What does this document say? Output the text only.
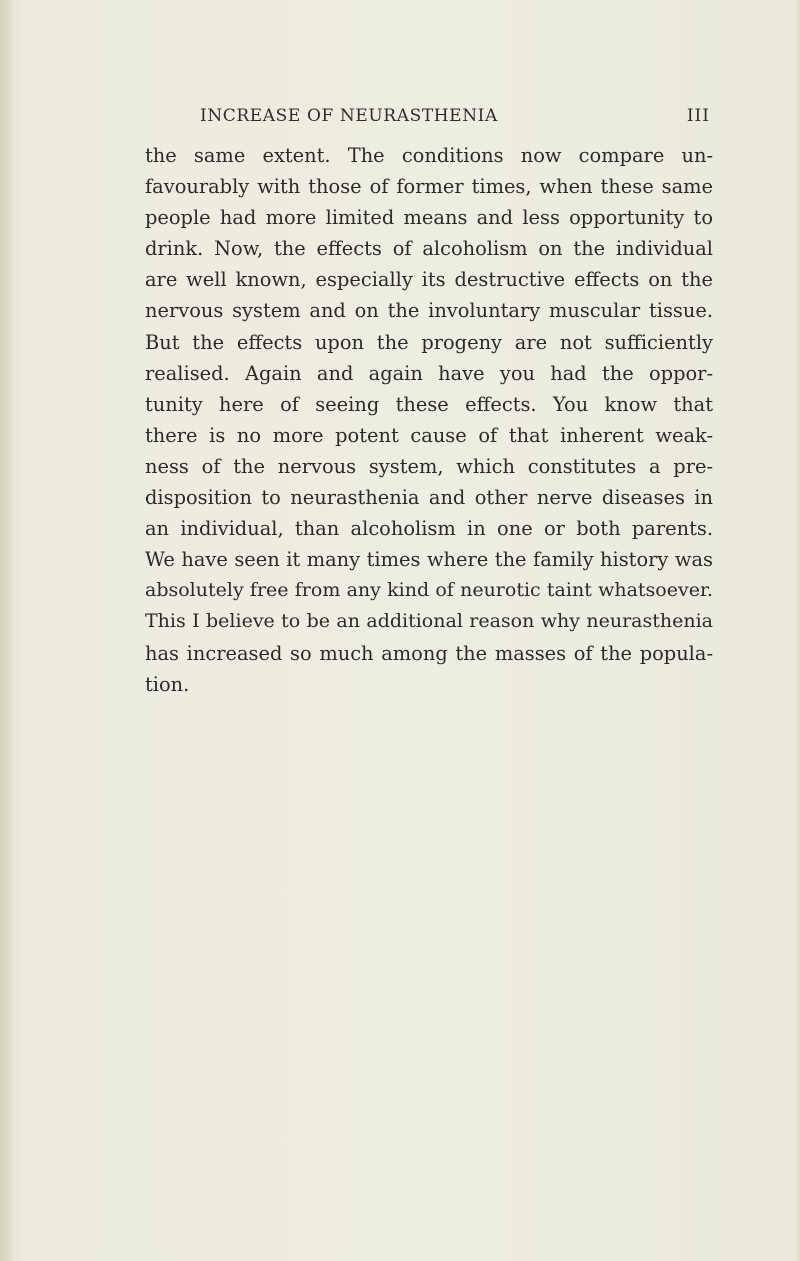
INCREASE OF NEURASTHENIA	III
the same extent. The conditions now compare un-
favourably with those of former times, when these same
people had more limited means and less opportunity to
drink. Now, the effects of alcoholism on the individual
are well known, especially its destructive effects on the
nervous system and on the involuntary muscular tissue.
But the effects upon the progeny are not sufficiently
realised. Again and again have you had the oppor-
tunity here of seeing these effects. You know that
there is no more potent cause of that inherent weak-
ness of the nervous system, which constitutes a pre-
disposition to neurasthenia and other nerve diseases in
an individual, than alcoholism in one or both parents.
We have seen it many times where the family history was
absolutely free from any kind of neurotic taint whatsoever.
This I believe to be an additional reason why neurasthenia
has increased so much among the masses of the popula-
tion.
